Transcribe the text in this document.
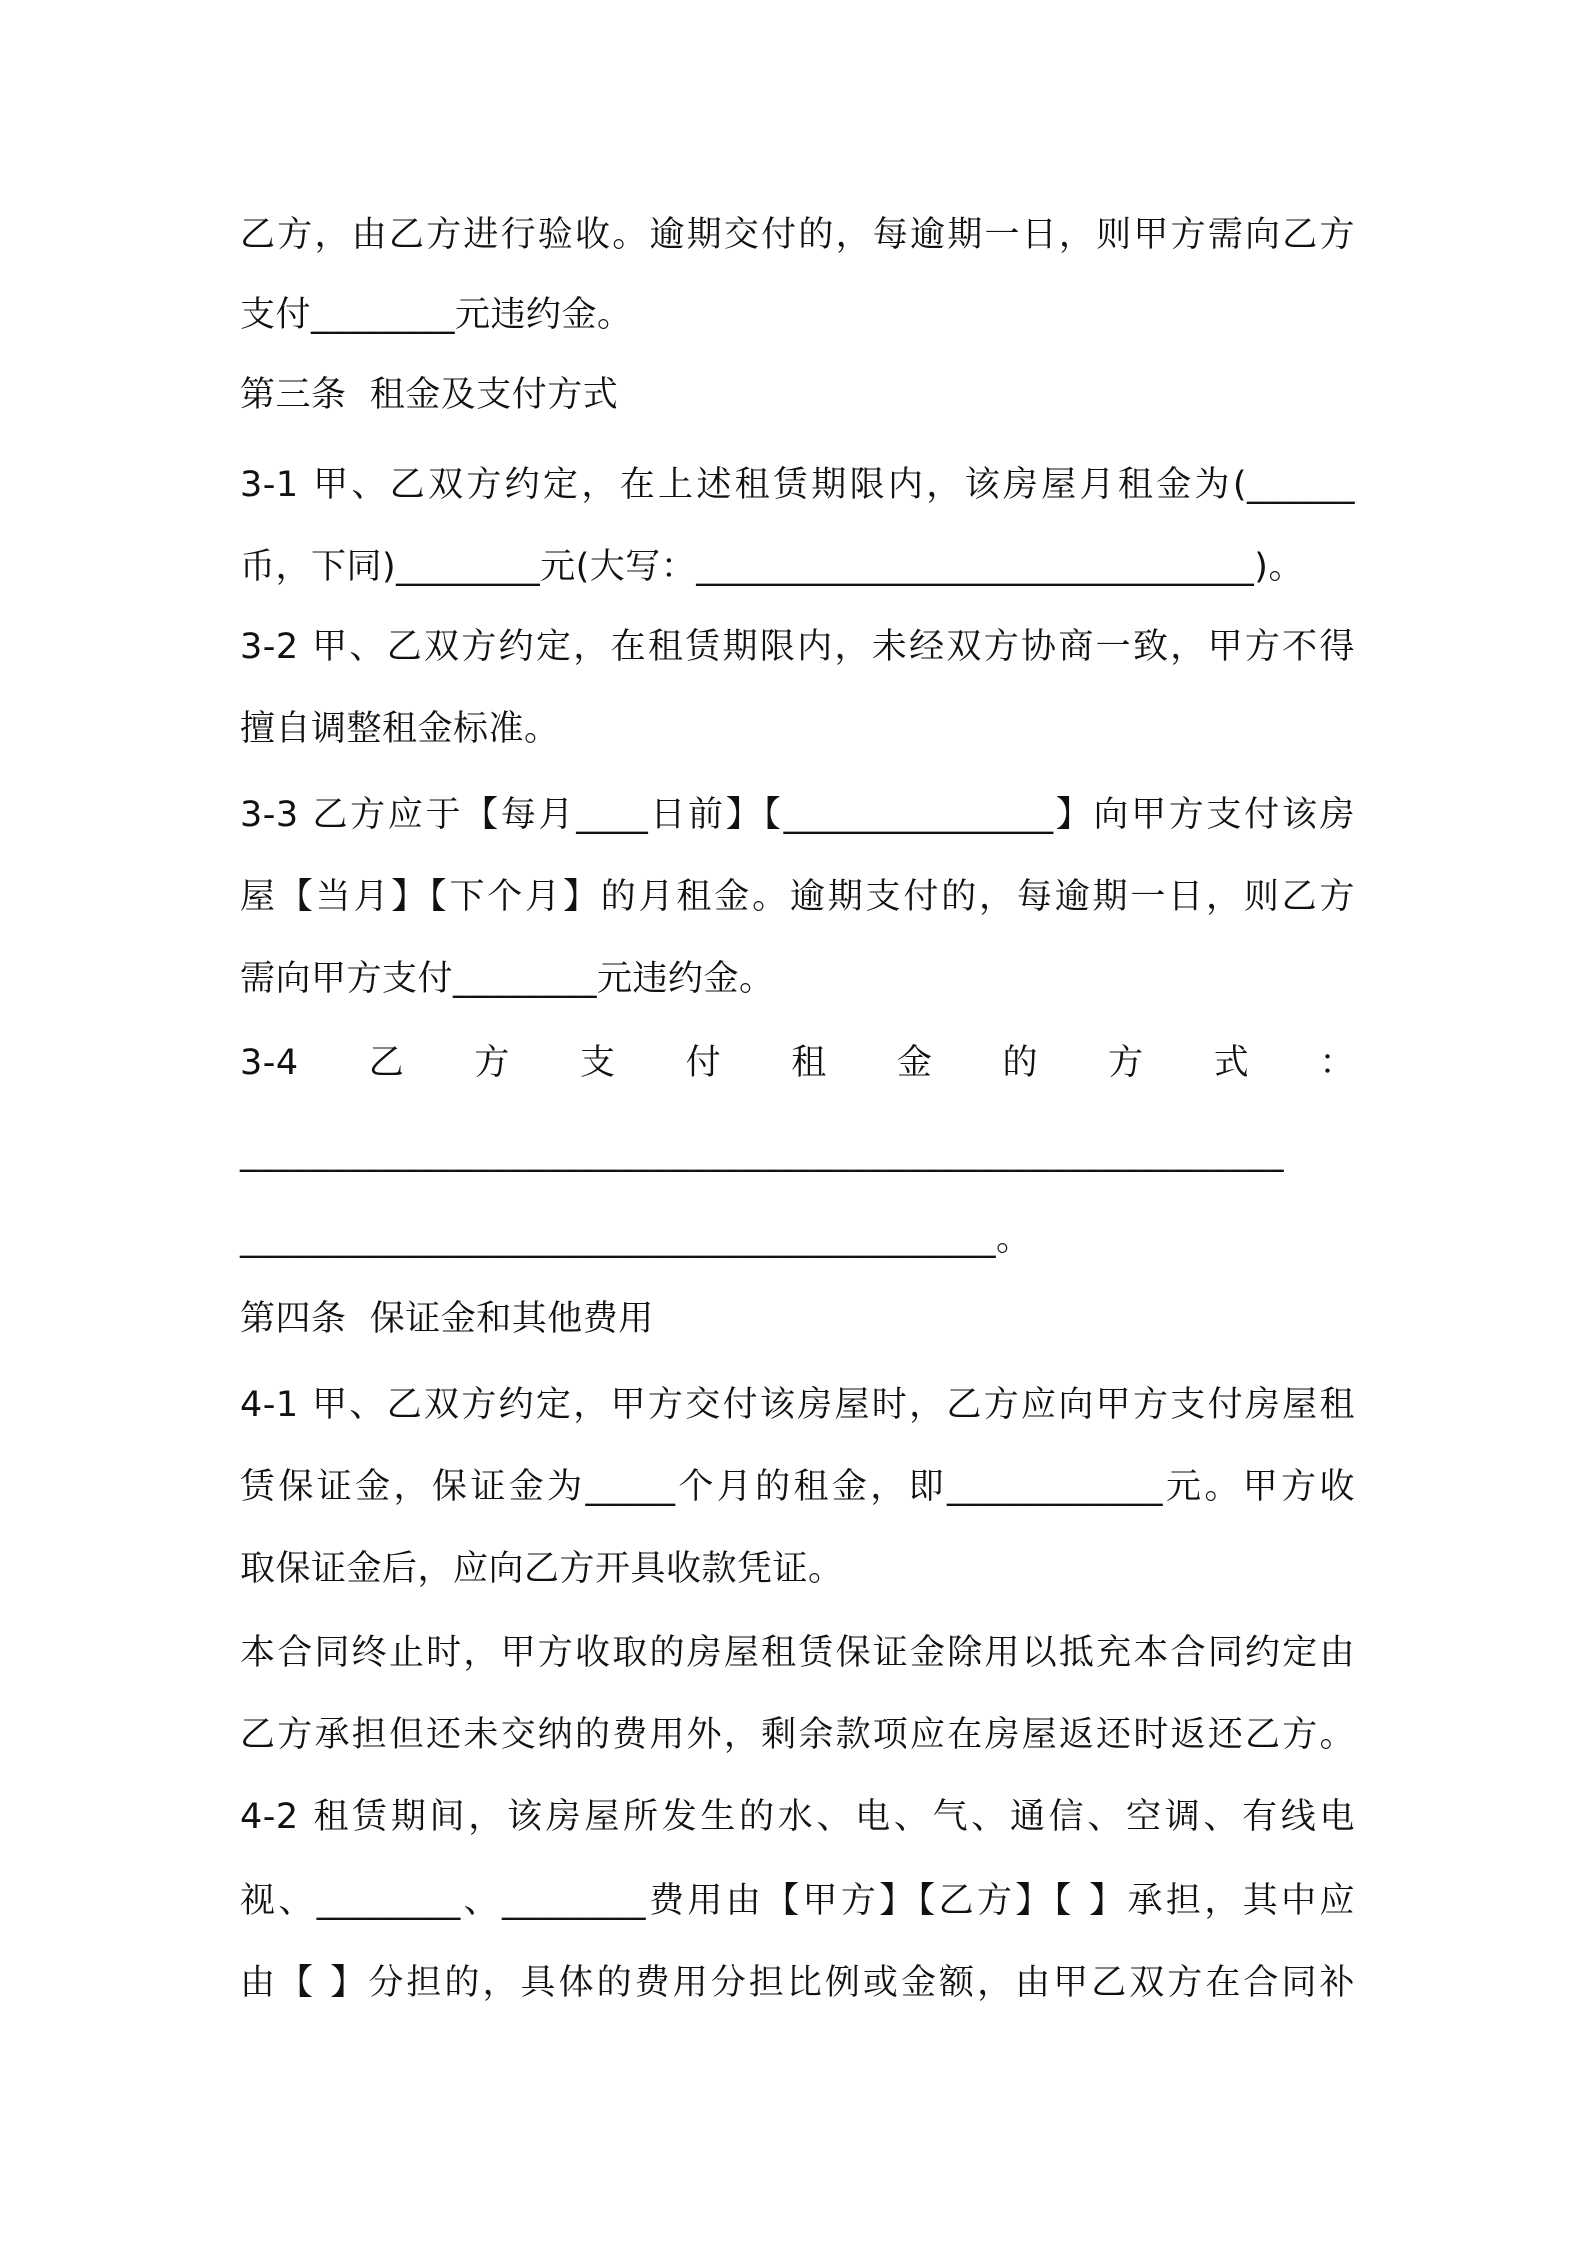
乙方，由乙方进行验收。逾期交付的，每逾期一日，则甲方需向乙方
支付________元违约金。
第三条  租金及支付方式
3-1 甲、乙双方约定，在上述租赁期限内，该房屋月租金为(______
币，下同)________元(大写：_______________________________)。
3-2 甲、乙双方约定，在租赁期限内，未经双方协商一致，甲方不得
擅自调整租金标准。
3-3 乙方应于【每月____日前】【_______________】向甲方支付该房
屋【当月】【下个月】的月租金。逾期支付的，每逾期一日，则乙方
需向甲方支付________元违约金。
3-4 乙 方 支 付 租 金 的 方 式 ：
__________________________________________________________
__________________________________________。
第四条  保证金和其他费用
4-1 甲、乙双方约定，甲方交付该房屋时，乙方应向甲方支付房屋租
赁保证金，保证金为_____个月的租金，即____________元。甲方收
取保证金后，应向乙方开具收款凭证。
本合同终止时，甲方收取的房屋租赁保证金除用以抵充本合同约定由
乙方承担但还未交纳的费用外，剩余款项应在房屋返还时返还乙方。
4-2 租赁期间，该房屋所发生的水、电、气、通信、空调、有线电
视、________、________费用由【甲方】【乙方】【 】承担，其中应
由【 】分担的，具体的费用分担比例或金额，由甲乙双方在合同补
